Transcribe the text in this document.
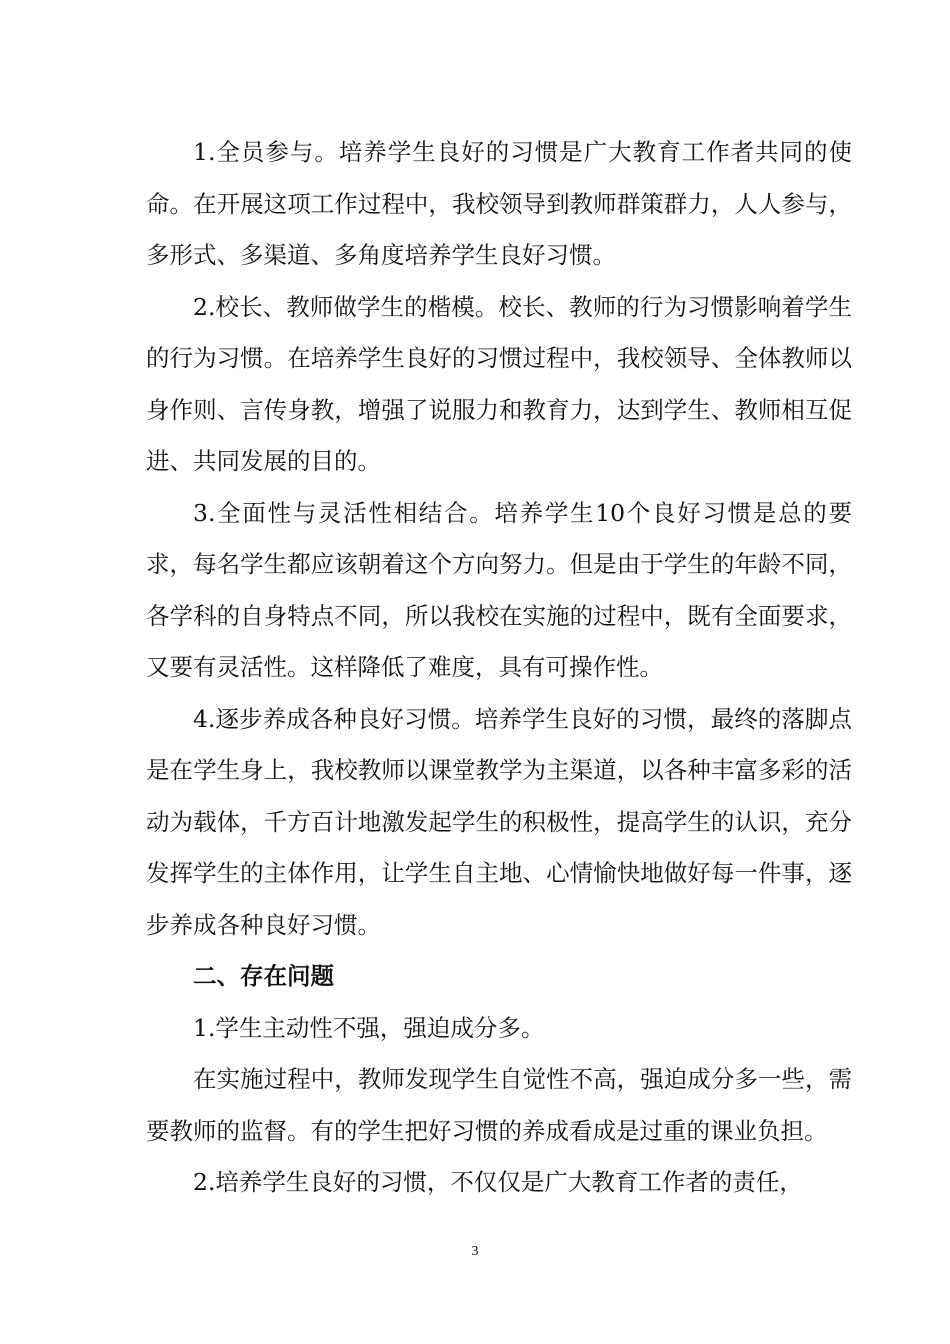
1.全员参与。培养学生良好的习惯是广大教育工作者共同的使命。在开展这项工作过程中，我校领导到教师群策群力，人人参与，多形式、多渠道、多角度培养学生良好习惯。

2.校长、教师做学生的楷模。校长、教师的行为习惯影响着学生的行为习惯。在培养学生良好的习惯过程中，我校领导、全体教师以身作则、言传身教，增强了说服力和教育力，达到学生、教师相互促进、共同发展的目的。

3.全面性与灵活性相结合。培养学生10个良好习惯是总的要求，每名学生都应该朝着这个方向努力。但是由于学生的年龄不同，各学科的自身特点不同，所以我校在实施的过程中，既有全面要求，又要有灵活性。这样降低了难度，具有可操作性。

4.逐步养成各种良好习惯。培养学生良好的习惯，最终的落脚点是在学生身上，我校教师以课堂教学为主渠道，以各种丰富多彩的活动为载体，千方百计地激发起学生的积极性，提高学生的认识，充分发挥学生的主体作用，让学生自主地、心情愉快地做好每一件事，逐步养成各种良好习惯。

二、存在问题

1.学生主动性不强，强迫成分多。

在实施过程中，教师发现学生自觉性不高，强迫成分多一些，需要教师的监督。有的学生把好习惯的养成看成是过重的课业负担。

2.培养学生良好的习惯，不仅仅是广大教育工作者的责任，

3
